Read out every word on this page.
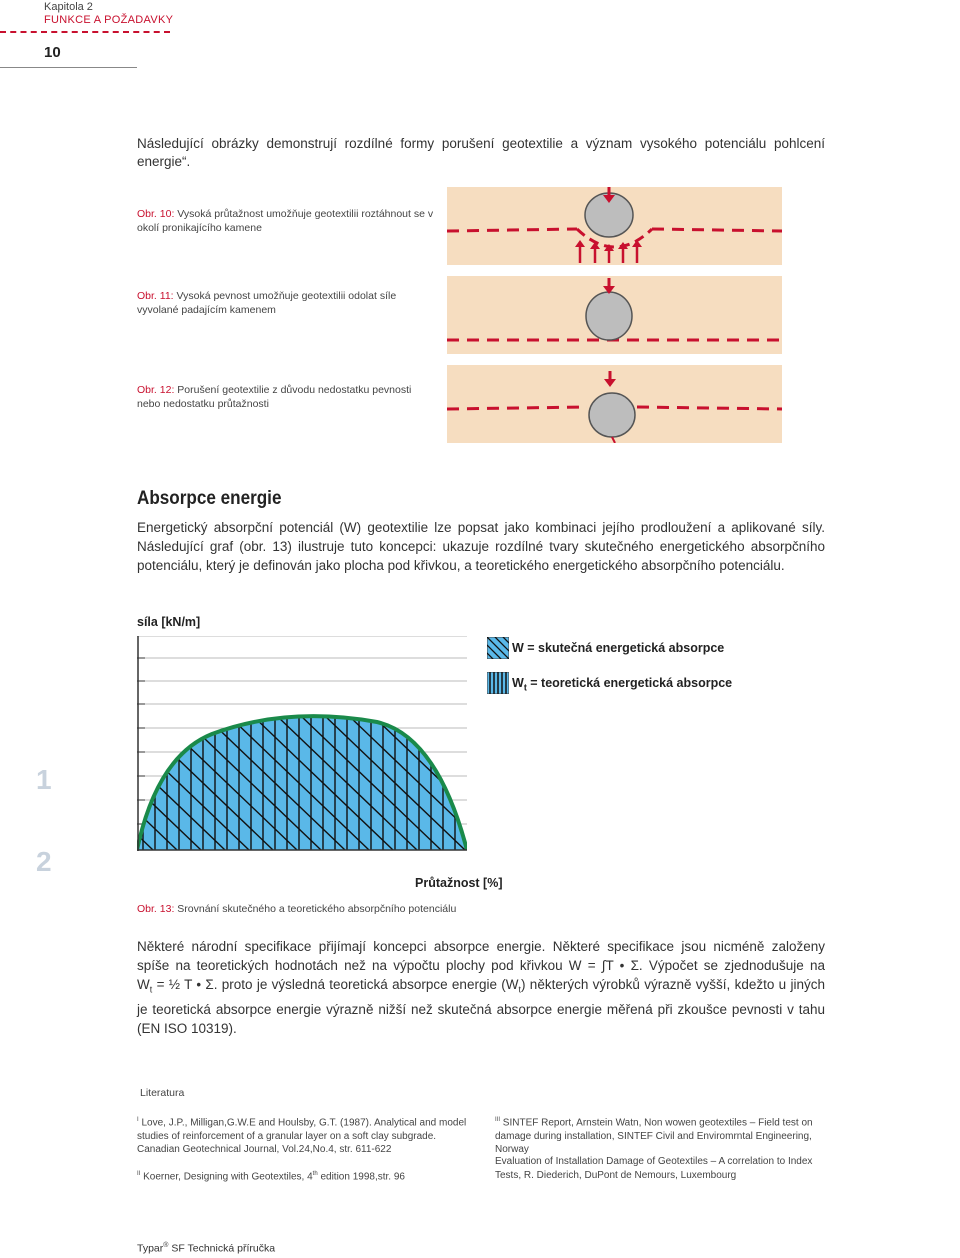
Kapitola 2
FUNKCE A POŽADAVKY
10
Následující obrázky demonstrují rozdílné formy porušení geotextilie a význam vysokého potenciálu pohlcení energie“.
Obr. 10: Vysoká průtažnost umožňuje geotextilii roztáhnout se v okolí pronikajícího kamene
Obr. 11: Vysoká pevnost umožňuje geotextilii odolat síle vyvolané padajícím kamenem
Obr. 12: Porušení geotextilie z důvodu nedostatku pevnosti nebo nedostatku průtažnosti
Absorpce energie
Energetický absorpční potenciál (W) geotextilie lze popsat jako kombinaci jejího prodloužení a aplikované síly. Následující graf (obr. 13) ilustruje tuto koncepci: ukazuje rozdílné tvary skutečného energetického absorpčního potenciálu, který je definován jako plocha pod křivkou, a teoretického energetického absorpčního potenciálu.
síla [kN/m]
W = skutečná energetická absorpce
$W_t$ = teoretická energetická absorpce
Průtažnost [%]
Obr. 13: Srovnání skutečného a teoretického absorpčního potenciálu
1
2
Některé národní specifikace přijímají koncepci absorpce energie. Některé specifikace jsou nicméně založeny
spíše na teoretických hodnotách než na výpočtu plochy pod křivkou W = ∫T • Σ. Výpočet se zjednodušuje na
$W_t$ = ½ T • Σ. proto je výsledná teoretická absorpce energie $(W_t)$ některých výrobků výrazně vyšší, kdežto u jiných
je teoretická absorpce energie výrazně nižší než skutečná absorpce energie měřená při zkoušce pevnosti v tahu
(EN ISO 10319).
Literatura
$^I$ Love, J.P., Milligan,G.W.E and Houlsby, G.T. (1987). Analytical and model studies of reinforcement of a granular layer on a soft clay subgrade. Canadian Geotechnical Journal, Vol.24,No.4, str. 611-622
$^{II}$ Koerner, Designing with Geotextiles, 4th edition 1998,str. 96
$^{III}$ SINTEF Report, Arnstein Watn, Non wowen geotextiles – Field test on damage during installation, SINTEF Civil and Enviromrntal Engineering, Norway
Evaluation of Installation Damage of Geotextiles – A correlation to Index Tests, R. Diederich, DuPont de Nemours, Luxembourg
Typar® SF Technická příručka
